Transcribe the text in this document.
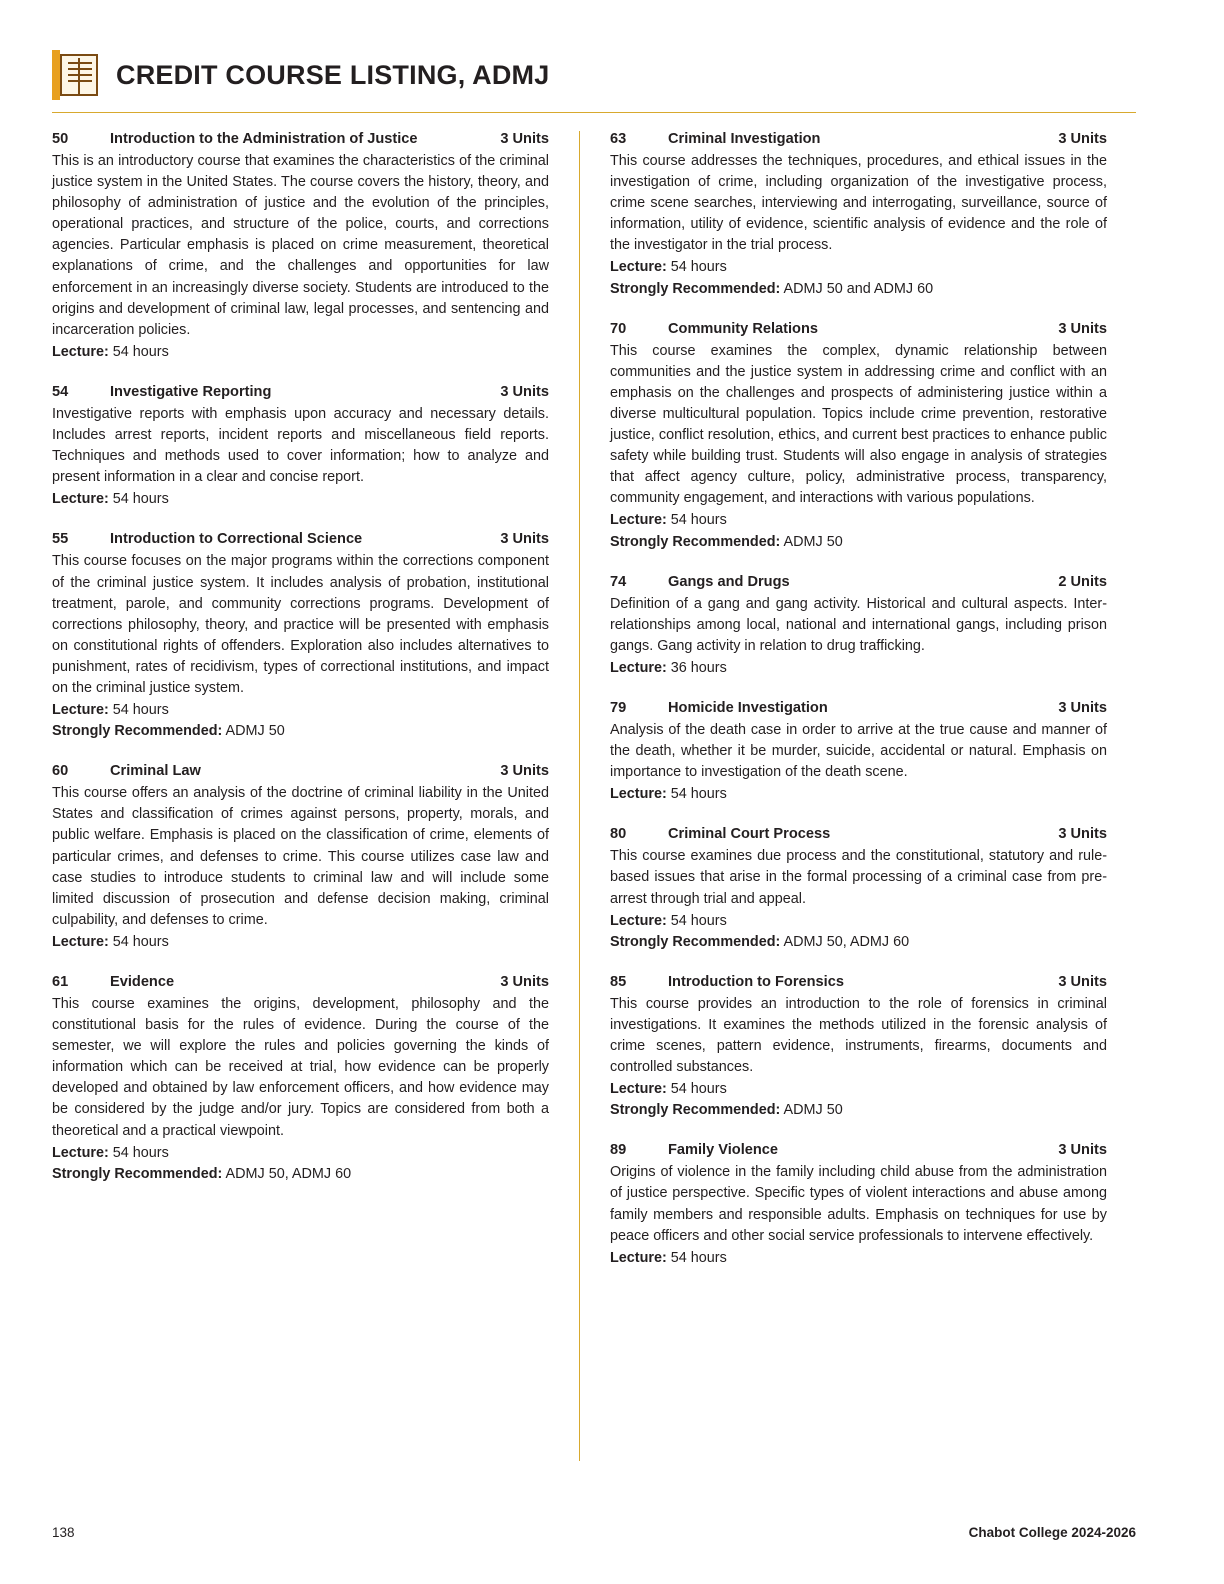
CREDIT COURSE LISTING, ADMJ
50	Introduction to the Administration of Justice	3 Units

This is an introductory course that examines the characteristics of the criminal justice system in the United States. The course covers the history, theory, and philosophy of administration of justice and the evolution of the principles, operational practices, and structure of the police, courts, and corrections agencies. Particular emphasis is placed on crime measurement, theoretical explanations of crime, and the challenges and opportunities for law enforcement in an increasingly diverse society. Students are introduced to the origins and development of criminal law, legal processes, and sentencing and incarceration policies.

Lecture: 54 hours

54	Investigative Reporting	3 Units

Investigative reports with emphasis upon accuracy and necessary details. Includes arrest reports, incident reports and miscellaneous field reports. Techniques and methods used to cover information; how to analyze and present information in a clear and concise report.

Lecture: 54 hours

55	Introduction to Correctional Science	3 Units

This course focuses on the major programs within the corrections component of the criminal justice system. It includes analysis of probation, institutional treatment, parole, and community corrections programs. Development of corrections philosophy, theory, and practice will be presented with emphasis on constitutional rights of offenders. Exploration also includes alternatives to punishment, rates of recidivism, types of correctional institutions, and impact on the criminal justice system.

Lecture: 54 hours

Strongly Recommended: ADMJ 50

60	Criminal Law	3 Units

This course offers an analysis of the doctrine of criminal liability in the United States and classification of crimes against persons, property, morals, and public welfare. Emphasis is placed on the classification of crime, elements of particular crimes, and defenses to crime. This course utilizes case law and case studies to introduce students to criminal law and will include some limited discussion of prosecution and defense decision making, criminal culpability, and defenses to crime.

Lecture: 54 hours

61	Evidence	3 Units

This course examines the origins, development, philosophy and the constitutional basis for the rules of evidence. During the course of the semester, we will explore the rules and policies governing the kinds of information which can be received at trial, how evidence can be properly developed and obtained by law enforcement officers, and how evidence may be considered by the judge and/or jury. Topics are considered from both a theoretical and a practical viewpoint.

Lecture: 54 hours

Strongly Recommended: ADMJ 50, ADMJ 60

63	Criminal Investigation	3 Units

This course addresses the techniques, procedures, and ethical issues in the investigation of crime, including organization of the investigative process, crime scene searches, interviewing and interrogating, surveillance, source of information, utility of evidence, scientific analysis of evidence and the role of the investigator in the trial process.

Lecture: 54 hours

Strongly Recommended: ADMJ 50 and ADMJ 60

70	Community Relations	3 Units

This course examines the complex, dynamic relationship between communities and the justice system in addressing crime and conflict with an emphasis on the challenges and prospects of administering justice within a diverse multicultural population. Topics include crime prevention, restorative justice, conflict resolution, ethics, and current best practices to enhance public safety while building trust. Students will also engage in analysis of strategies that affect agency culture, policy, administrative process, transparency, community engagement, and interactions with various populations.

Lecture: 54 hours

Strongly Recommended: ADMJ 50

74	Gangs and Drugs	2 Units

Definition of a gang and gang activity. Historical and cultural aspects. Inter-relationships among local, national and international gangs, including prison gangs. Gang activity in relation to drug trafficking.

Lecture: 36 hours

79	Homicide Investigation	3 Units

Analysis of the death case in order to arrive at the true cause and manner of the death, whether it be murder, suicide, accidental or natural. Emphasis on importance to investigation of the death scene.

Lecture: 54 hours

80	Criminal Court Process	3 Units

This course examines due process and the constitutional, statutory and rule-based issues that arise in the formal processing of a criminal case from pre-arrest through trial and appeal.

Lecture: 54 hours

Strongly Recommended: ADMJ 50, ADMJ 60

85	Introduction to Forensics	3 Units

This course provides an introduction to the role of forensics in criminal investigations. It examines the methods utilized in the forensic analysis of crime scenes, pattern evidence, instruments, firearms, documents and controlled substances.

Lecture: 54 hours

Strongly Recommended: ADMJ 50

89	Family Violence	3 Units

Origins of violence in the family including child abuse from the administration of justice perspective. Specific types of violent interactions and abuse among family members and responsible adults. Emphasis on techniques for use by peace officers and other social service professionals to intervene effectively.

Lecture: 54 hours

138	Chabot College 2024-2026
